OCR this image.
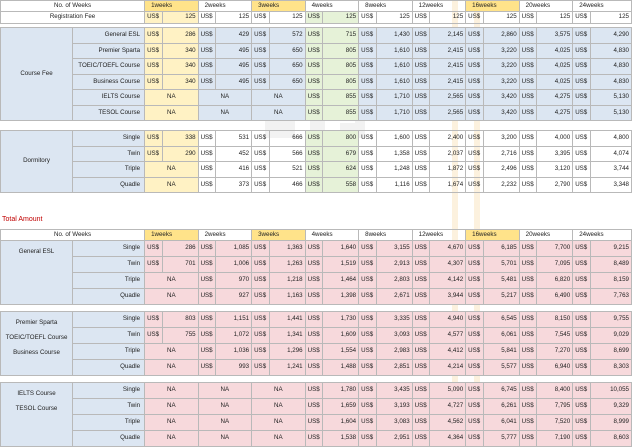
No. of Weeks		1weeks		2weeks		3weeks		4weeks		8weeks		12weeks		16weeks		20weeks		24weeks	
Registration Fee		US$	125	US$	125	US$	125	US$	125	US$	125	US$	125	US$	125	US$	125	US$	125

Course Fee	General ESL	US$	286	US$	429	US$	572	US$	715	US$	1,430	US$	2,145	US$	2,860	US$	3,575	US$	4,290
	Premier Sparta	US$	340	US$	495	US$	650	US$	805	US$	1,610	US$	2,415	US$	3,220	US$	4,025	US$	4,830
	TOEIC/TOEFL Course	US$	340	US$	495	US$	650	US$	805	US$	1,610	US$	2,415	US$	3,220	US$	4,025	US$	4,830
	Business Course	US$	340	US$	495	US$	650	US$	805	US$	1,610	US$	2,415	US$	3,220	US$	4,025	US$	4,830
	IELTS Course	NA		NA		NA		US$	855	US$	1,710	US$	2,565	US$	3,420	US$	4,275	US$	5,130
	TESOL Course	NA		NA		NA		US$	855	US$	1,710	US$	2,565	US$	3,420	US$	4,275	US$	5,130

Dormitory	Single	US$	338	US$	531	US$	666	US$	800	US$	1,600	US$	2,400	US$	3,200	US$	4,000	US$	4,800
	Twin	US$	290	US$	452	US$	566	US$	679	US$	1,358	US$	2,037	US$	2,716	US$	3,395	US$	4,074
	Triple	NA		US$	416	US$	521	US$	624	US$	1,248	US$	1,872	US$	2,496	US$	3,120	US$	3,744
	Quadle	NA		US$	373	US$	466	US$	558	US$	1,116	US$	1,674	US$	2,232	US$	2,790	US$	3,348
Total Amount
No. of Weeks		1weeks		2weeks		3weeks		4weeks		8weeks		12weeks		16weeks		20weeks		24weeks	

General ESL	Single	US$	286	US$	1,085	US$	1,363	US$	1,640	US$	3,155	US$	4,670	US$	6,185	US$	7,700	US$	9,215
	Twin	US$	701	US$	1,006	US$	1,263	US$	1,519	US$	2,913	US$	4,307	US$	5,701	US$	7,095	US$	8,489
	Triple	NA		US$	970	US$	1,218	US$	1,464	US$	2,803	US$	4,142	US$	5,481	US$	6,820	US$	8,159
	Quadle	NA		US$	927	US$	1,163	US$	1,398	US$	2,671	US$	3,944	US$	5,217	US$	6,490	US$	7,763

Premier Sparta
TOEIC/TOEFL Course
Business Course	Single	US$	803	US$	1,151	US$	1,441	US$	1,730	US$	3,335	US$	4,940	US$	6,545	US$	8,150	US$	9,755
	Twin	US$	755	US$	1,072	US$	1,341	US$	1,609	US$	3,093	US$	4,577	US$	6,061	US$	7,545	US$	9,029
	Triple	NA		US$	1,036	US$	1,296	US$	1,554	US$	2,983	US$	4,412	US$	5,841	US$	7,270	US$	8,699
	Quadle	NA		US$	993	US$	1,241	US$	1,488	US$	2,851	US$	4,214	US$	5,577	US$	6,940	US$	8,303

IELTS Course
TESOL Course	Single	NA		NA		NA		US$	1,780	US$	3,435	US$	5,090	US$	6,745	US$	8,400	US$	10,055
	Twin	NA		NA		NA		US$	1,659	US$	3,193	US$	4,727	US$	6,261	US$	7,795	US$	9,329
	Triple	NA		NA		NA		US$	1,604	US$	3,083	US$	4,562	US$	6,041	US$	7,520	US$	8,999
	Quadle	NA		NA		NA		US$	1,538	US$	2,951	US$	4,364	US$	5,777	US$	7,190	US$	8,603
